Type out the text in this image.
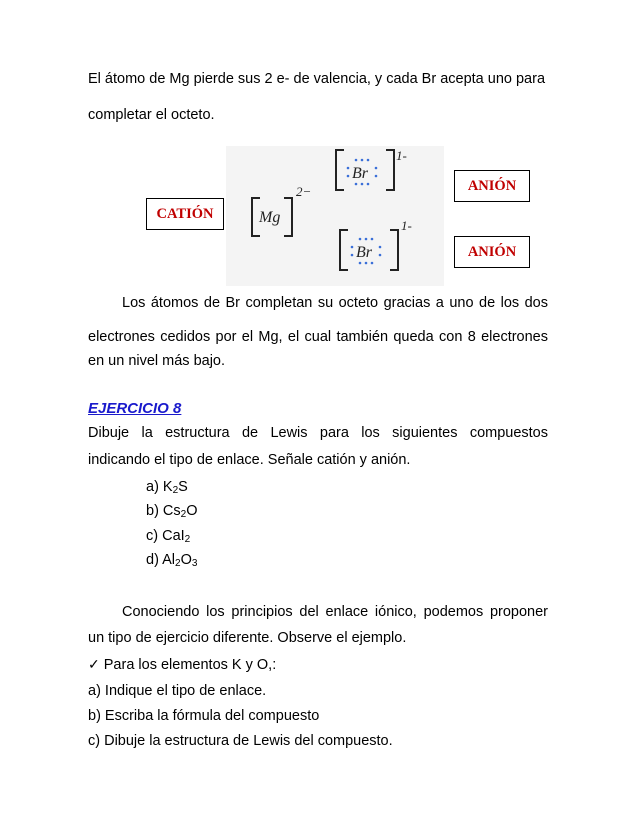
El átomo de Mg pierde sus 2 e- de valencia, y cada Br acepta uno para
completar el octeto.
Mg
2−
Br
1-
Br
1-
CATIÓN
ANIÓN
ANIÓN
Los átomos de Br completan su octeto gracias a uno de los dos
electrones cedidos por el Mg, el cual también queda con 8 electrones
en un nivel más bajo.
EJERCICIO 8
Dibuje la estructura de Lewis para los siguientes compuestos
indicando el tipo de enlace. Señale catión y anión.
a) $K_2S$
b) $Cs_2O$
c) CaI$_2$
d) $Al_2O_3$
Conociendo los principios del enlace iónico, podemos proponer
un tipo de ejercicio diferente. Observe el ejemplo.
✓ Para los elementos K y O,:
a) Indique el tipo de enlace.
b) Escriba la fórmula del compuesto
c) Dibuje la estructura de Lewis del compuesto.
